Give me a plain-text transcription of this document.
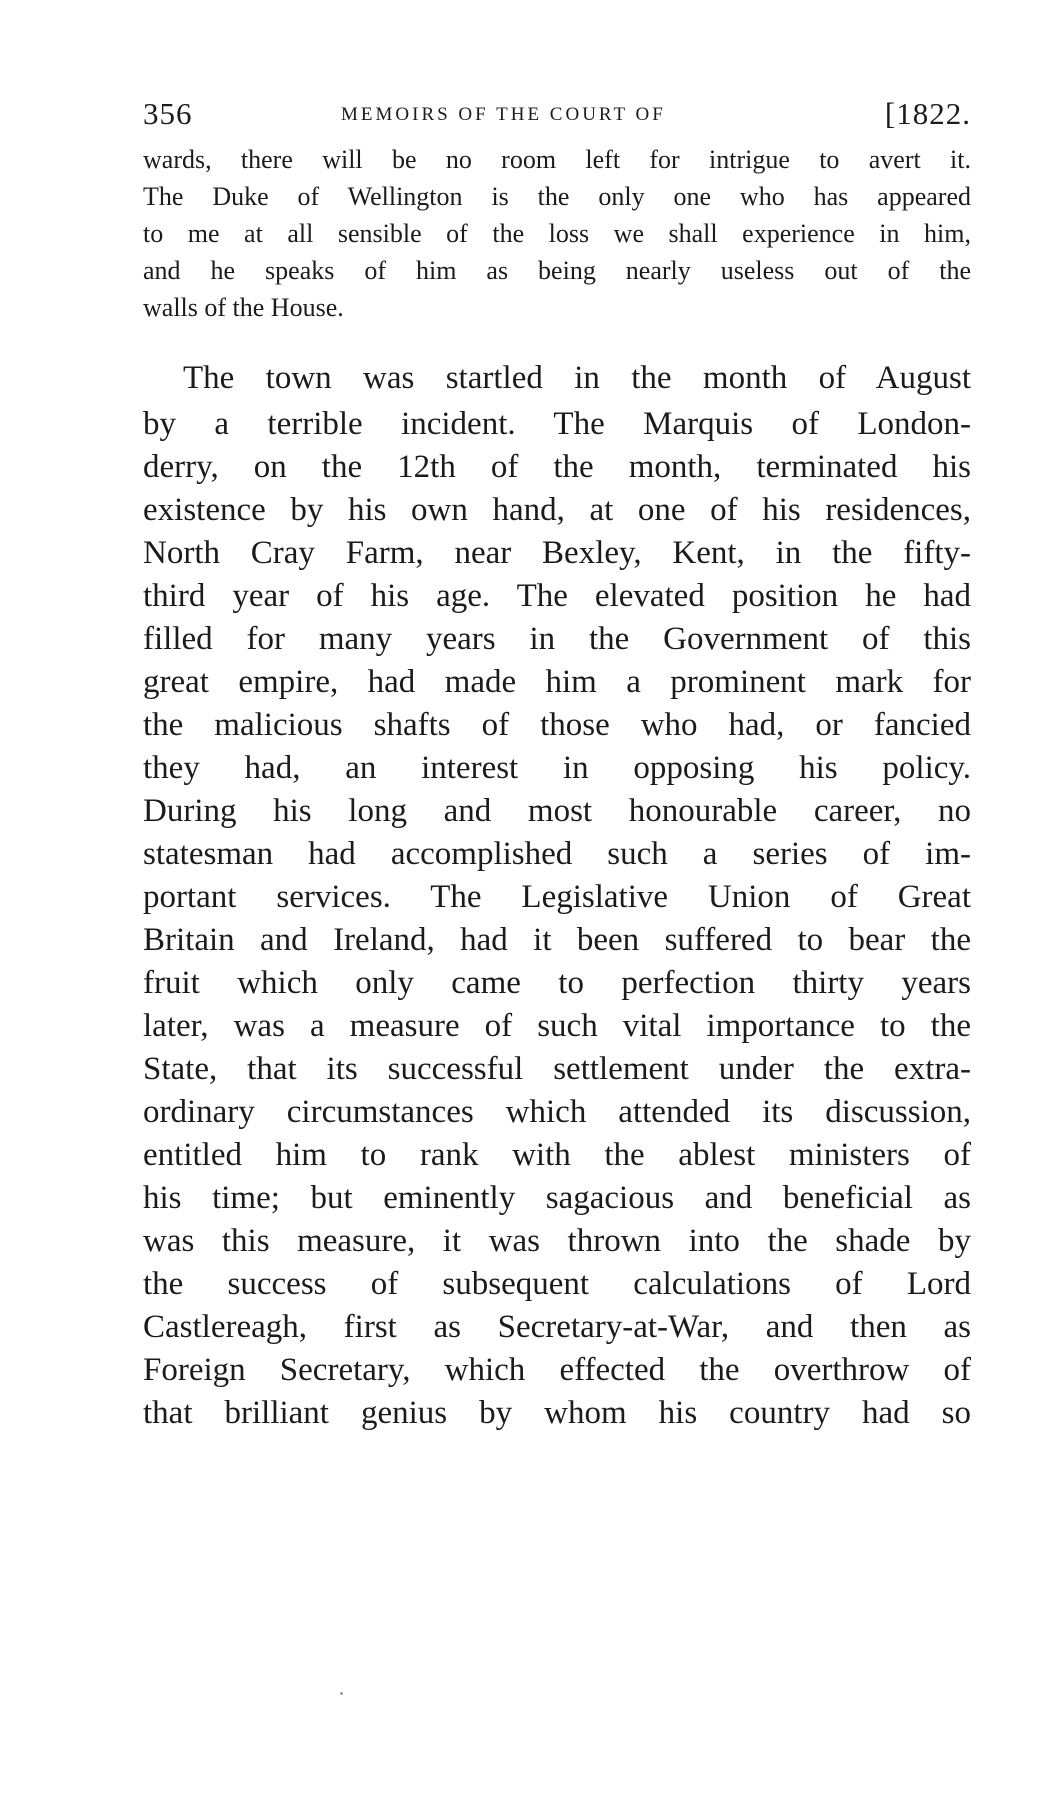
356	MEMOIRS OF THE COURT OF	[1822.
wards, there will be no room left for intrigue to avert it.
The Duke of Wellington is the only one who has appeared
to me at all sensible of the loss we shall experience in him,
and he speaks of him as being nearly useless out of the
walls of the House.
The town was startled in the month of August
by a terrible incident. The Marquis of London-
derry, on the 12th of the month, terminated his
existence by his own hand, at one of his residences,
North Cray Farm, near Bexley, Kent, in the fifty-
third year of his age. The elevated position he had
filled for many years in the Government of this
great empire, had made him a prominent mark for
the malicious shafts of those who had, or fancied
they had, an interest in opposing his policy.
During his long and most honourable career, no
statesman had accomplished such a series of im-
portant services. The Legislative Union of Great
Britain and Ireland, had it been suffered to bear the
fruit which only came to perfection thirty years
later, was a measure of such vital importance to the
State, that its successful settlement under the extra-
ordinary circumstances which attended its discussion,
entitled him to rank with the ablest ministers of
his time; but eminently sagacious and beneficial as
was this measure, it was thrown into the shade by
the success of subsequent calculations of Lord
Castlereagh, first as Secretary-at-War, and then as
Foreign Secretary, which effected the overthrow of
that brilliant genius by whom his country had so
